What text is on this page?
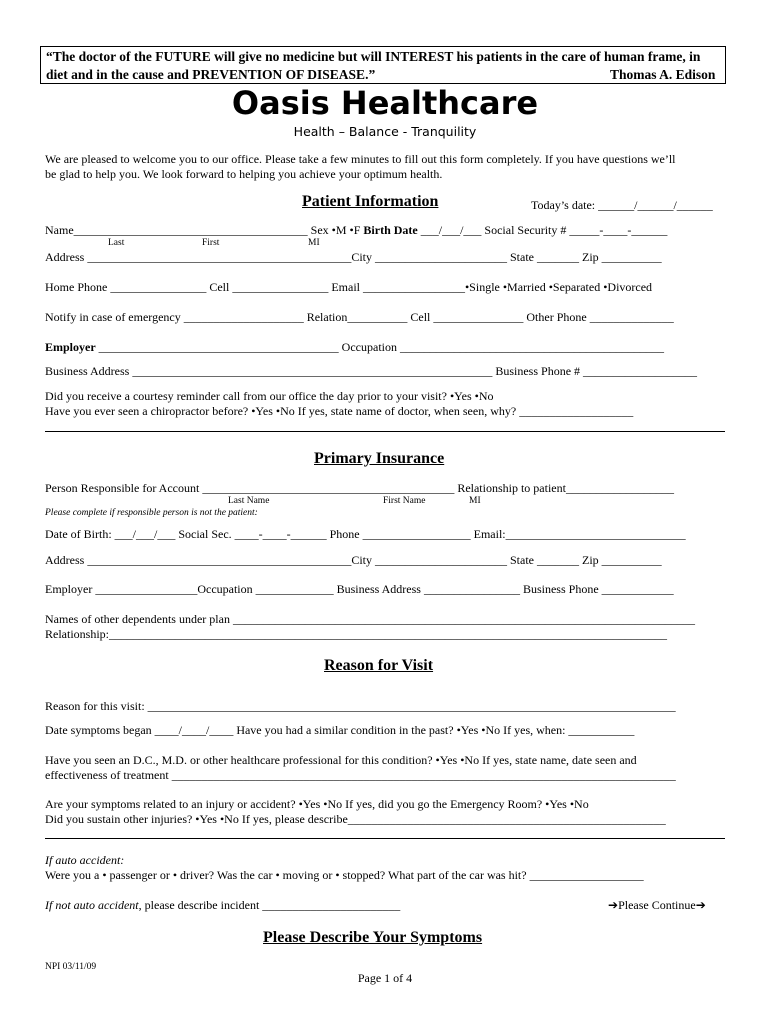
“The doctor of the FUTURE will give no medicine but will INTEREST his patients in the care of human frame, in
diet and in the cause and PREVENTION OF DISEASE.”	Thomas A. Edison
Oasis Healthcare
Health – Balance - Tranquility
We are pleased to welcome you to our office. Please take a few minutes to fill out this form completely. If you have questions we’ll
be glad to help you. We look forward to helping you achieve your optimum health.
Patient Information	Today’s date: ______/______/______
Name_______________________________________ Sex •M •F Birth Date ___/___/___ Social Security # _____-____-______
Last	First	MI
Address ____________________________________________City ______________________ State _______ Zip __________
Home Phone ________________ Cell ________________ Email _________________•Single •Married •Separated •Divorced
Notify in case of emergency ____________________ Relation__________ Cell _______________ Other Phone ______________
Employer ________________________________________ Occupation ____________________________________________
Business Address ____________________________________________________________ Business Phone # ___________________
Did you receive a courtesy reminder call from our office the day prior to your visit? •Yes •No
Have you ever seen a chiropractor before? •Yes •No If yes, state name of doctor, when seen, why? ___________________
Primary Insurance
Person Responsible for Account __________________________________________ Relationship to patient__________________
Last Name	First Name	MI
Please complete if responsible person is not the patient:
Date of Birth: ___/___/___ Social Sec. ____-____-______ Phone __________________ Email:______________________________
Address ____________________________________________City ______________________ State _______ Zip __________
Employer _________________Occupation _____________ Business Address ________________ Business Phone ____________
Names of other dependents under plan _____________________________________________________________________________
Relationship:_____________________________________________________________________________________________
Reason for Visit
Reason for this visit: ________________________________________________________________________________________
Date symptoms began ____/____/____ Have you had a similar condition in the past? •Yes •No If yes, when: ___________
Have you seen an D.C., M.D. or other healthcare professional for this condition? •Yes •No If yes, state name, date seen and
effectiveness of treatment ____________________________________________________________________________________
Are your symptoms related to an injury or accident? •Yes •No If yes, did you go the Emergency Room? •Yes •No
Did you sustain other injuries? •Yes •No If yes, please describe_____________________________________________________
If auto accident:
Were you a • passenger or • driver? Was the car • moving or • stopped? What part of the car was hit? ___________________
If not auto accident, please describe incident _______________________	➔Please Continue➔
Please Describe Your Symptoms
NPI 03/11/09
Page 1 of 4
